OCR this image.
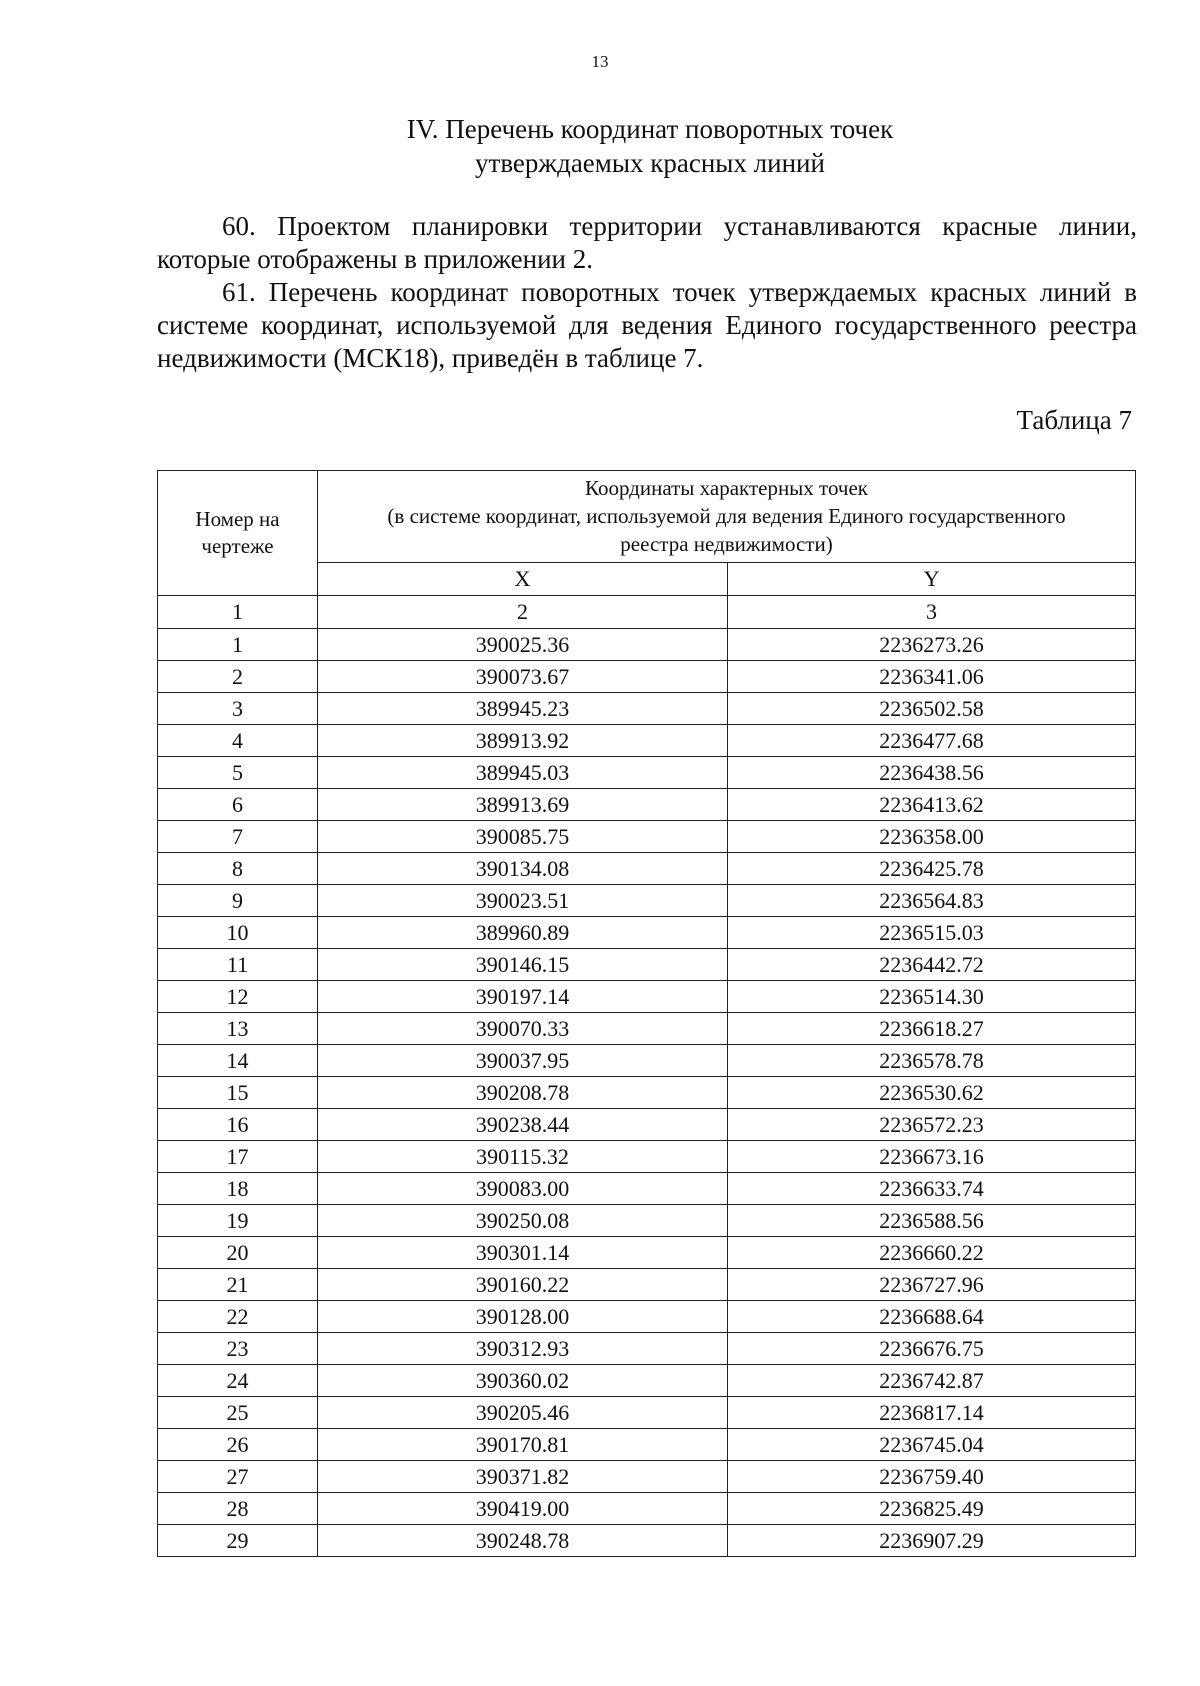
13
IV. Перечень координат поворотных точек
утверждаемых красных линий

60. Проектом планировки территории устанавливаются красные линии, которые отображены в приложении 2.

61. Перечень координат поворотных точек утверждаемых красных линий в системе координат, используемой для ведения Единого государственного реестра недвижимости (МСК18), приведён в таблице 7.

Таблица 7
Номер на
чертеже	Координаты характерных точек
(в системе координат, используемой для ведения Единого государственного
реестра недвижимости)	
	X	Y
1	2	3
1	390025.36	2236273.26
2	390073.67	2236341.06
3	389945.23	2236502.58
4	389913.92	2236477.68
5	389945.03	2236438.56
6	389913.69	2236413.62
7	390085.75	2236358.00
8	390134.08	2236425.78
9	390023.51	2236564.83
10	389960.89	2236515.03
11	390146.15	2236442.72
12	390197.14	2236514.30
13	390070.33	2236618.27
14	390037.95	2236578.78
15	390208.78	2236530.62
16	390238.44	2236572.23
17	390115.32	2236673.16
18	390083.00	2236633.74
19	390250.08	2236588.56
20	390301.14	2236660.22
21	390160.22	2236727.96
22	390128.00	2236688.64
23	390312.93	2236676.75
24	390360.02	2236742.87
25	390205.46	2236817.14
26	390170.81	2236745.04
27	390371.82	2236759.40
28	390419.00	2236825.49
29	390248.78	2236907.29
